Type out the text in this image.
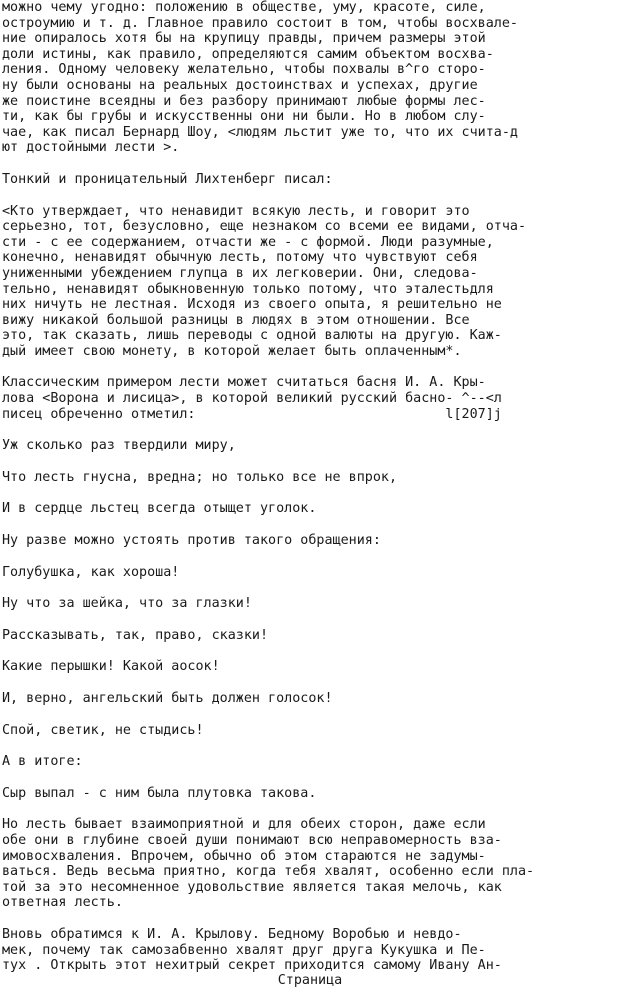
можно чему угодно: положению в обществе, уму, красоте, силе,
остроумию и т. д. Главное правило состоит в том, чтобы восхвале-
ние опиралось хотя бы на крупицу правды, причем размеры этой
доли истины, как правило, определяются самим объектом восхва-
ления. Одному человеку желательно, чтобы похвалы в^го сторо-
ну были основаны на реальных достоинствах и успехах, другие
же поистине всеядны и без разбору принимают любые формы лес-
ти, как бы грубы и искусственны они ни были. Но в любом слу-
чае, как писал Бернард Шоу, <людям льстит уже то, что их счита-д
ют достойными лести >.
Тонкий и проницательный Лихтенберг писал:
<Кто утверждает, что ненавидит всякую лесть, и говорит это
серьезно, тот, безусловно, еще незнаком со всеми ее видами, отча-
сти - с ее содержанием, отчасти же - с формой. Люди разумные,
конечно, ненавидят обычную лесть, потому что чувствуют себя
униженными убеждением глупца в их легковерии. Они, следова-
тельно, ненавидят обыкновенную только потому, что эталестьдля
них ничуть не лестная. Исходя из своего опыта, я решительно не
вижу никакой большой разницы в людях в этом отношении. Все
это, так сказать, лишь переводы с одной валюты на другую. Каж-
дый имеет свою монету, в которой желает быть оплаченным*.
Классическим примером лести может считаться басня И. А. Кры-
лова <Ворона и лисица>, в которой великий русский басно- ^--<л
писец обреченно отметил:                               l[207]j
Уж сколько раз твердили миру,
Что лесть гнусна, вредна; но только все не впрок,
И в сердце льстец всегда отыщет уголок.
Ну разве можно устоять против такого обращения:
Голубушка, как хороша!
Ну что за шейка, что за глазки!
Рассказывать, так, право, сказки!
Какие перышки! Какой аосок!
И, верно, ангельский быть должен голосок!
Спой, светик, не стыдись!
А в итоге:
Сыр выпал - с ним была плутовка такова.
Но лесть бывает взаимоприятной и для обеих сторон, даже если
обе они в глубине своей души понимают всю неправомерность вза-
имовосхваления. Впрочем, обычно об этом стараются не задумы-
ваться. Ведь весьма приятно, когда тебя хвалят, особенно если пла-
той за это несомненное удовольствие является такая мелочь, как
ответная лесть.
Вновь обратимся к И. А. Крылову. Бедному Воробью и невдо-
мек, почему так самозабвенно хвалят друг друга Кукушка и Пе-
тух . Открыть этот нехитрый секрет приходится самому Ивану Ан-
Страница
